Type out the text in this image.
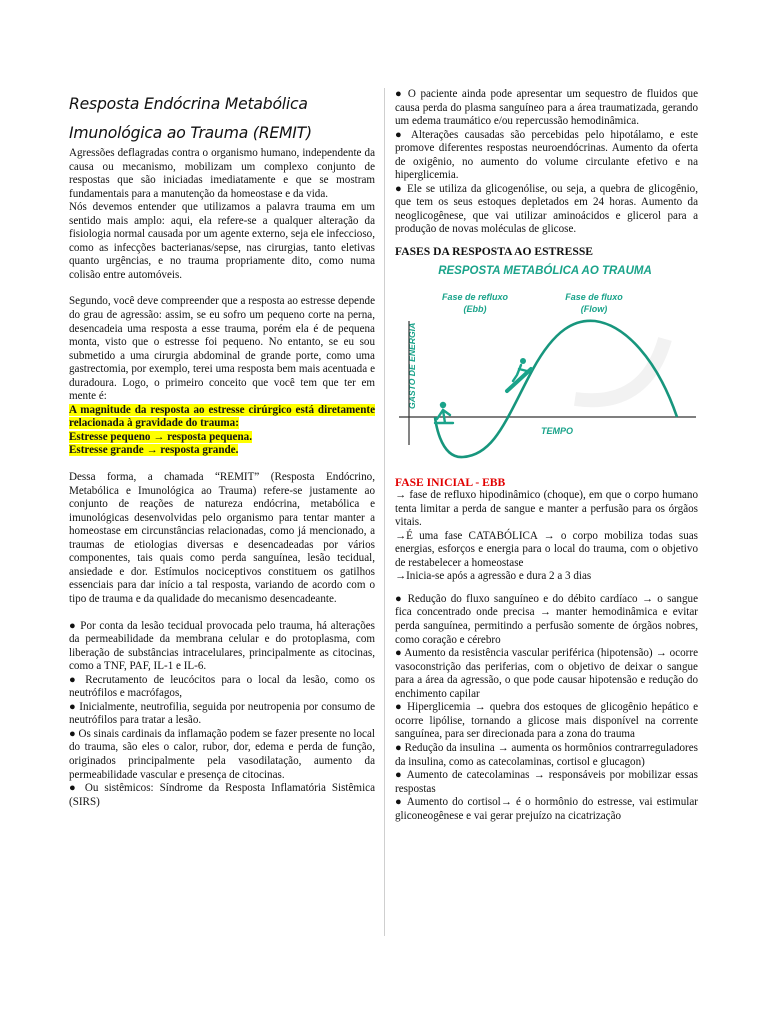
Resposta Endócrina Metabólica
Imunológica ao Trauma (REMIT)

Agressões deflagradas contra o organismo humano, independente da causa ou mecanismo, mobilizam um complexo conjunto de respostas que são iniciadas imediatamente e que se mostram fundamentais para a manutenção da homeostase e da vida.

Nós devemos entender que utilizamos a palavra trauma em um sentido mais amplo: aqui, ela refere-se a qualquer alteração da fisiologia normal causada por um agente externo, seja ele infeccioso, como as infecções bacterianas/sepse, nas cirurgias, tanto eletivas quanto urgências, e no trauma propriamente dito, como numa colisão entre automóveis.

Segundo, você deve compreender que a resposta ao estresse depende do grau de agressão: assim, se eu sofro um pequeno corte na perna, desencadeia uma resposta a esse trauma, porém ela é de pequena monta, visto que o estresse foi pequeno. No entanto, se eu sou submetido a uma cirurgia abdominal de grande porte, como uma gastrectomia, por exemplo, terei uma resposta bem mais acentuada e duradoura. Logo, o primeiro conceito que você tem que ter em mente é:

A magnitude da resposta ao estresse cirúrgico está diretamente relacionada à gravidade do trauma:

Estresse pequeno → resposta pequena.

Estresse grande → resposta grande.

Dessa forma, a chamada “REMIT” (Resposta Endócrino, Metabólica e Imunológica ao Trauma) refere-se justamente ao conjunto de reações de natureza endócrina, metabólica e imunológicas desenvolvidas pelo organismo para tentar manter a homeostase em circunstâncias relacionadas, como já mencionado, a traumas de etiologias diversas e desencadeadas por vários componentes, tais quais como perda sanguínea, lesão tecidual, ansiedade e dor. Estímulos nociceptivos constituem os gatilhos essenciais para dar início a tal resposta, variando de acordo com o tipo de trauma e da qualidade do mecanismo desencadeante.

● Por conta da lesão tecidual provocada pelo trauma, há alterações da permeabilidade da membrana celular e do protoplasma, com liberação de substâncias intracelulares, principalmente as citocinas, como a TNF, PAF, IL-1 e IL-6.

● Recrutamento de leucócitos para o local da lesão, como os neutrófilos e macrófagos,

● Inicialmente, neutrofilia, seguida por neutropenia por consumo de neutrófilos para tratar a lesão.

● Os sinais cardinais da inflamação podem se fazer presente no local do trauma, são eles o calor, rubor, dor, edema e perda de função, originados principalmente pela vasodilatação, aumento da permeabilidade vascular e presença de citocinas.

● Ou sistêmicos: Síndrome da Resposta Inflamatória Sistêmica (SIRS)

● O paciente ainda pode apresentar um sequestro de fluidos que causa perda do plasma sanguíneo para a área traumatizada, gerando um edema traumático e/ou repercussão hemodinâmica.

● Alterações causadas são percebidas pelo hipotálamo, e este promove diferentes respostas neuroendócrinas. Aumento da oferta de oxigênio, no aumento do volume circulante efetivo e na hiperglicemia.

● Ele se utiliza da glicogenólise, ou seja, a quebra de glicogênio, que tem os seus estoques depletados em 24 horas. Aumento da neoglicogênese, que vai utilizar aminoácidos e glicerol para a produção de novas moléculas de glicose.

FASES DA RESPOSTA AO ESTRESSE

RESPOSTA METABÓLICA AO TRAUMA
Fase de refluxo
(Ebb)
Fase de fluxo
(Flow)
GASTO DE ENERGIA
TEMPO

FASE INICIAL - EBB

→ fase de refluxo hipodinâmico (choque), em que o corpo humano tenta limitar a perda de sangue e manter a perfusão para os órgãos vitais.

→É uma fase CATABÓLICA → o corpo mobiliza todas suas energias, esforços e energia para o local do trauma, com o objetivo de restabelecer a homeostase

→Inicia-se após a agressão e dura 2 a 3 dias

● Redução do fluxo sanguíneo e do débito cardíaco → o sangue fica concentrado onde precisa → manter hemodinâmica e evitar perda sanguínea, permitindo a perfusão somente de órgãos nobres, como coração e cérebro

● Aumento da resistência vascular periférica (hipotensão) → ocorre vasoconstrição das periferias, com o objetivo de deixar o sangue para a área da agressão, o que pode causar hipotensão e redução do enchimento capilar

● Hiperglicemia → quebra dos estoques de glicogênio hepático e ocorre lipólise, tornando a glicose mais disponível na corrente sanguínea, para ser direcionada para a zona do trauma

● Redução da insulina → aumenta os hormônios contrarreguladores da insulina, como as catecolaminas, cortisol e glucagon)

● Aumento de catecolaminas → responsáveis por mobilizar essas respostas

● Aumento do cortisol→ é o hormônio do estresse, vai estimular gliconeogênese e vai gerar prejuízo na cicatrização
